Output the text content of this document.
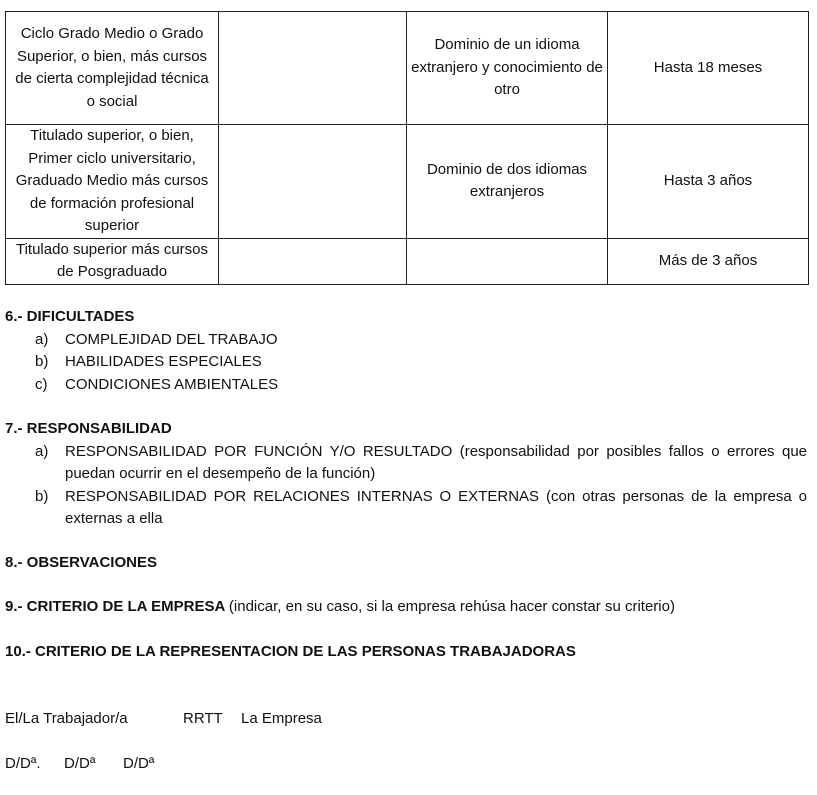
Ciclo Grado Medio o Grado Superior, o bien, más cursos de cierta complejidad técnica o social		Dominio de un idioma extranjero y conocimiento de otro	Hasta 18 meses
Titulado superior, o bien, Primer ciclo universitario, Graduado Medio más cursos de formación profesional superior		Dominio de dos idiomas extranjeros	Hasta 3 años
Titulado superior más cursos de Posgraduado			Más de 3 años
6.- DIFICULTADES
a) COMPLEJIDAD DEL TRABAJO
b) HABILIDADES ESPECIALES
c) CONDICIONES AMBIENTALES
7.- RESPONSABILIDAD
a) RESPONSABILIDAD POR FUNCIÓN Y/O RESULTADO (responsabilidad por posibles fallos o errores que puedan ocurrir en el desempeño de la función)
b) RESPONSABILIDAD POR RELACIONES INTERNAS O EXTERNAS (con otras personas de la empresa o externas a ella
8.- OBSERVACIONES
9.- CRITERIO DE LA EMPRESA (indicar, en su caso, si la empresa rehúsa hacer constar su criterio)
10.- CRITERIO DE LA REPRESENTACION DE LAS PERSONAS TRABAJADORAS
El/La Trabajador/a	RRTT La Empresa
D/Dª. D/Dª D/Dª
